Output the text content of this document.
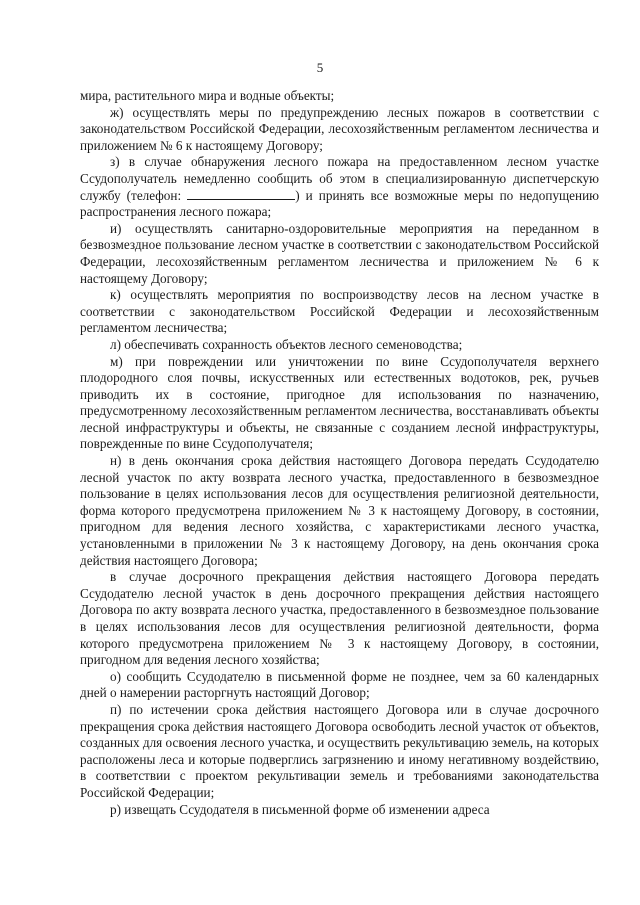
5

мира, растительного мира и водные объекты;

ж) осуществлять меры по предупреждению лесных пожаров в соответствии с законодательством Российской Федерации, лесохозяйственным регламентом лесничества и приложением № 6 к настоящему Договору;

з) в случае обнаружения лесного пожара на предоставленном лесном участке Ссудополучатель немедленно сообщить об этом в специализированную диспетчерскую службу (телефон:	) и принять все возможные меры по недопущению распространения лесного пожара;

и) осуществлять санитарно-оздоровительные мероприятия на переданном в безвозмездное пользование лесном участке в соответствии с законодательством Российской Федерации, лесохозяйственным регламентом лесничества и приложением № 6 к настоящему Договору;

к) осуществлять мероприятия по воспроизводству лесов на лесном участке в соответствии с законодательством Российской Федерации и лесохозяйственным регламентом лесничества;

л) обеспечивать сохранность объектов лесного семеноводства;

м) при повреждении или уничтожении по вине Ссудополучателя верхнего плодородного слоя почвы, искусственных или естественных водотоков, рек, ручьев приводить их в состояние, пригодное для использования по назначению, предусмотренному лесохозяйственным регламентом лесничества, восстанавливать объекты лесной инфраструктуры и объекты, не связанные с созданием лесной инфраструктуры, поврежденные по вине Ссудополучателя;

н) в день окончания срока действия настоящего Договора передать Ссудодателю лесной участок по акту возврата лесного участка, предоставленного в безвозмездное пользование в целях использования лесов для осуществления религиозной деятельности, форма которого предусмотрена приложением № 3 к настоящему Договору, в состоянии, пригодном для ведения лесного хозяйства, с характеристиками лесного участка, установленными в приложении № 3 к настоящему Договору, на день окончания срока действия настоящего Договора;

в случае досрочного прекращения действия настоящего Договора передать Ссудодателю лесной участок в день досрочного прекращения действия настоящего Договора по акту возврата лесного участка, предоставленного в безвозмездное пользование в целях использования лесов для осуществления религиозной деятельности, форма которого предусмотрена приложением № 3 к настоящему Договору, в состоянии, пригодном для ведения лесного хозяйства;

о) сообщить Ссудодателю в письменной форме не позднее, чем за 60 календарных дней о намерении расторгнуть настоящий Договор;

п) по истечении срока действия настоящего Договора или в случае досрочного прекращения срока действия настоящего Договора освободить лесной участок от объектов, созданных для освоения лесного участка, и осуществить рекультивацию земель, на которых расположены леса и которые подверглись загрязнению и иному негативному воздействию, в соответствии с проектом рекультивации земель и требованиями законодательства Российской Федерации;

р) извещать Ссудодателя в письменной форме об изменении адреса
